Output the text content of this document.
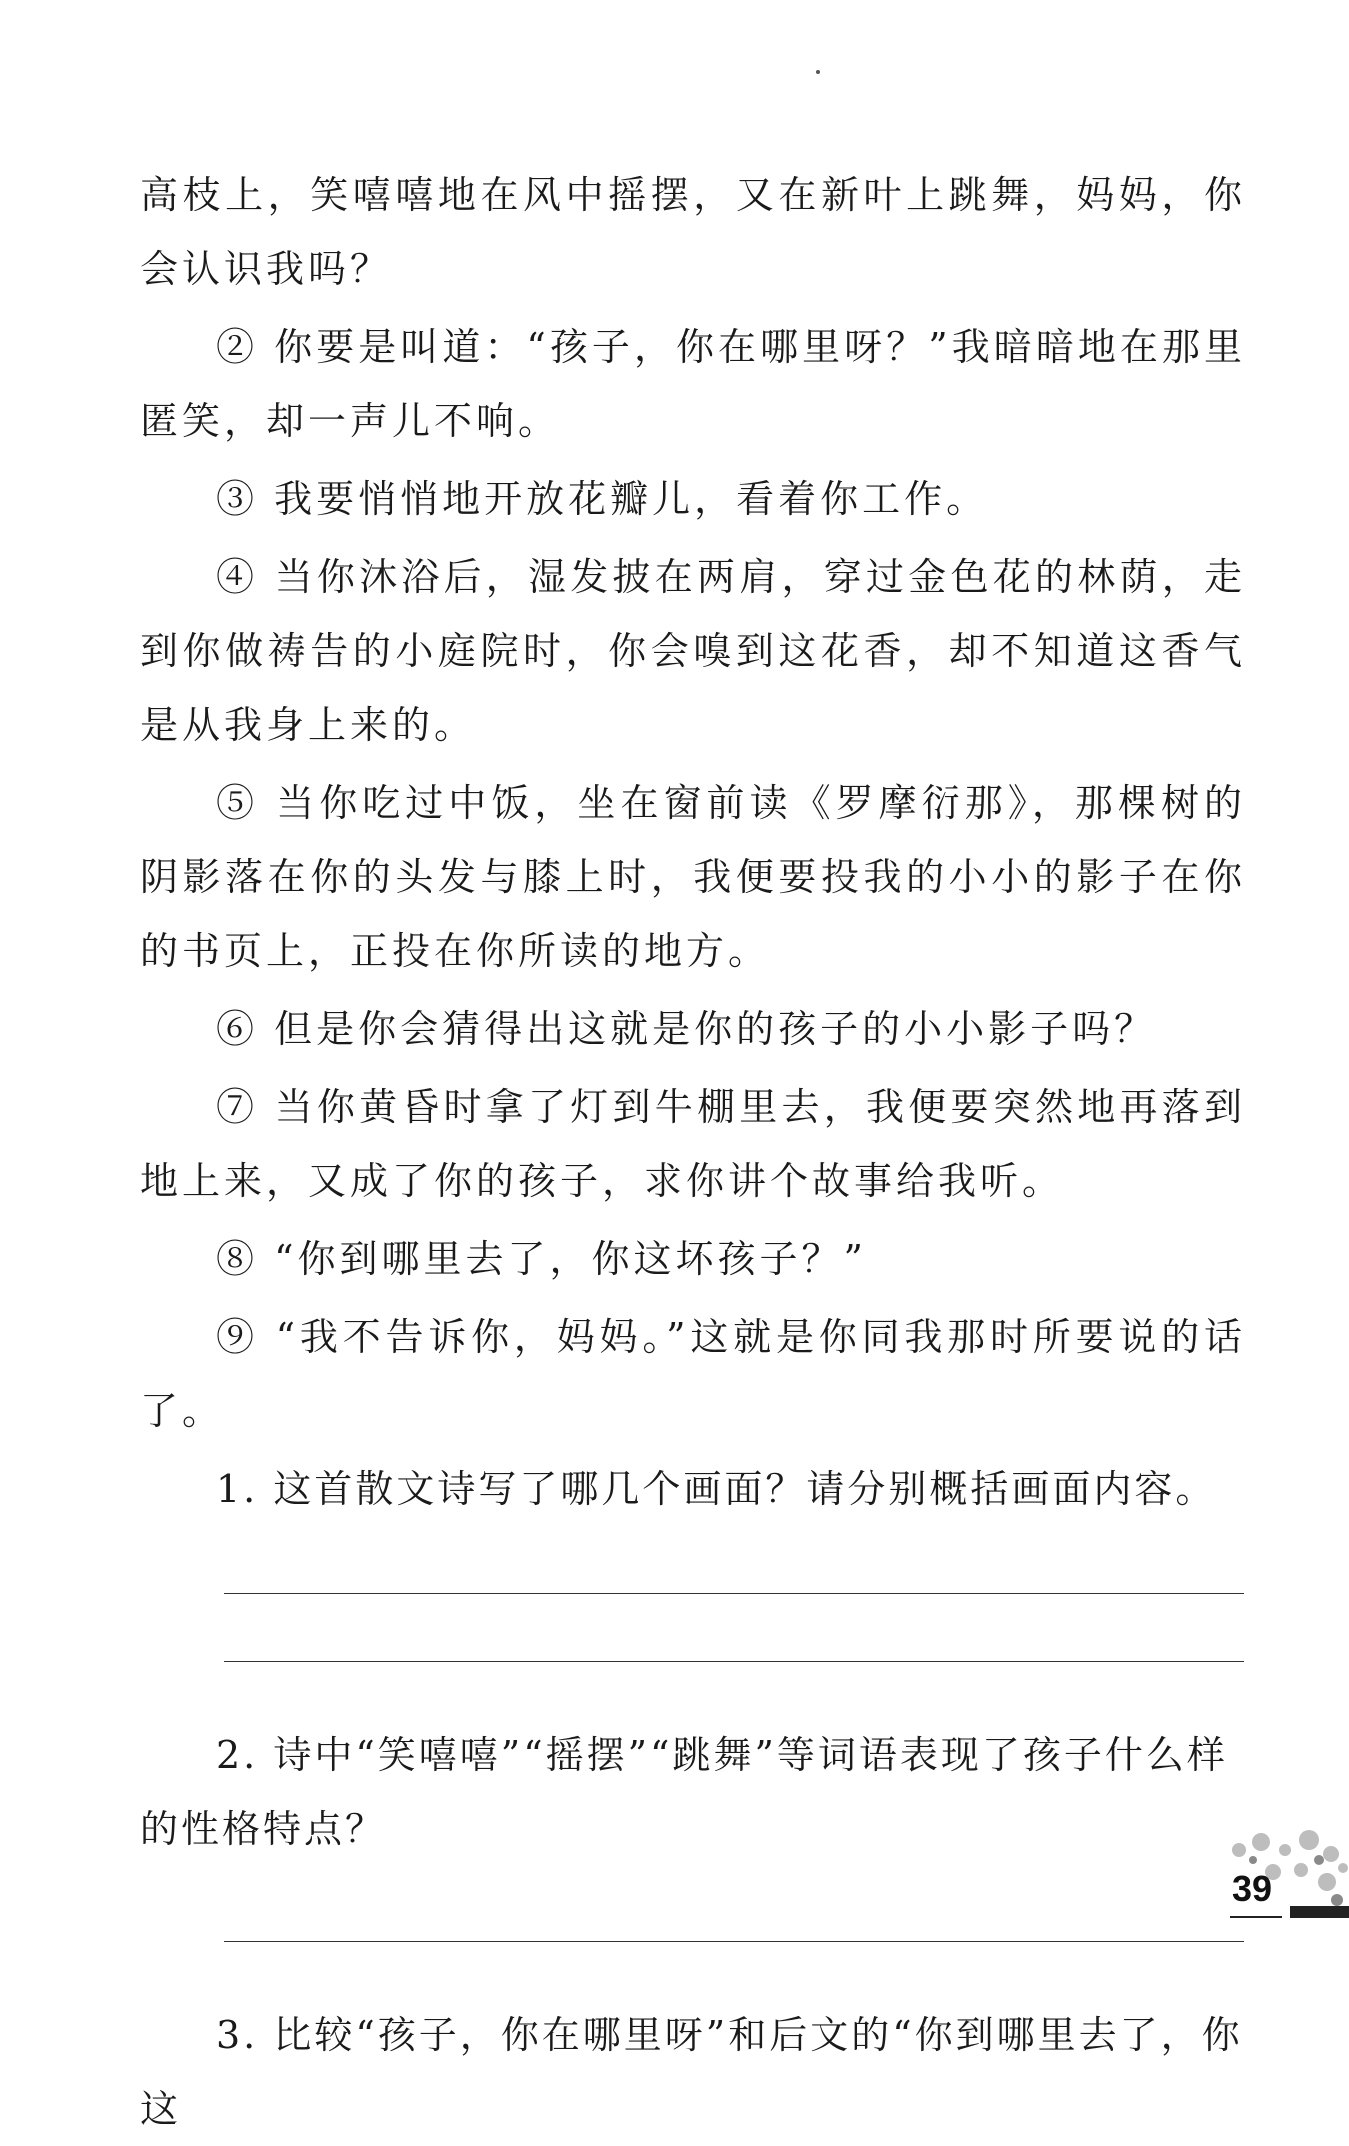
高枝上，笑嘻嘻地在风中摇摆，又在新叶上跳舞，妈妈，你会认识我吗？

② 你要是叫道：“孩子，你在哪里呀？”我暗暗地在那里匿笑，却一声儿不响。

③ 我要悄悄地开放花瓣儿，看着你工作。

④ 当你沐浴后，湿发披在两肩，穿过金色花的林荫，走到你做祷告的小庭院时，你会嗅到这花香，却不知道这香气是从我身上来的。

⑤ 当你吃过中饭，坐在窗前读《罗摩衍那》，那棵树的阴影落在你的头发与膝上时，我便要投我的小小的影子在你的书页上，正投在你所读的地方。

⑥ 但是你会猜得出这就是你的孩子的小小影子吗？

⑦ 当你黄昏时拿了灯到牛棚里去，我便要突然地再落到地上来，又成了你的孩子，求你讲个故事给我听。

⑧ “你到哪里去了，你这坏孩子？”

⑨ “我不告诉你，妈妈。”这就是你同我那时所要说的话了。

1. 这首散文诗写了哪几个画面？请分别概括画面内容。

2. 诗中“笑嘻嘻”“摇摆”“跳舞”等词语表现了孩子什么样的性格特点？

3. 比较“孩子，你在哪里呀”和后文的“你到哪里去了，你这

39
